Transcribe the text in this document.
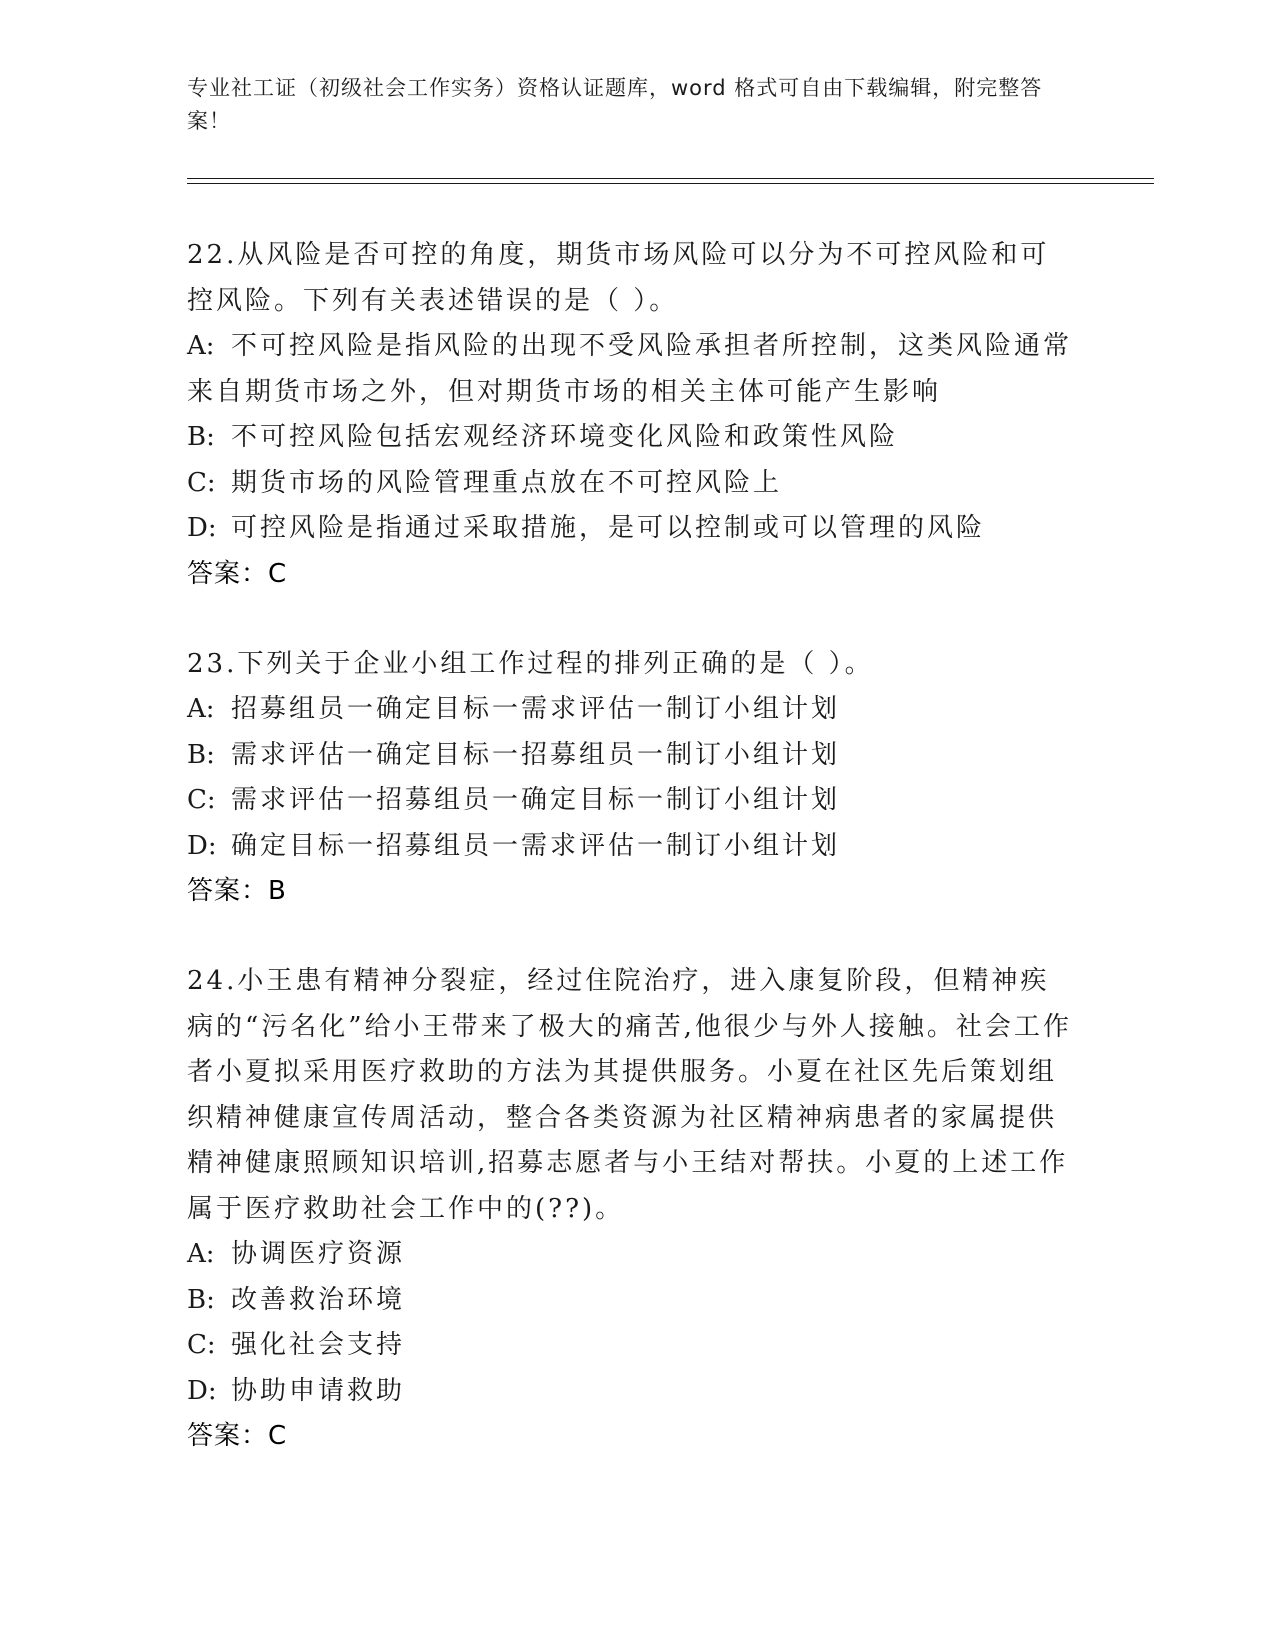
专业社工证（初级社会工作实务）资格认证题库，word 格式可自由下载编辑，附完整答案！

22.从风险是否可控的角度，期货市场风险可以分为不可控风险和可控风险。下列有关表述错误的是（ ）。

A: 不可控风险是指风险的出现不受风险承担者所控制，这类风险通常来自期货市场之外，但对期货市场的相关主体可能产生影响

B: 不可控风险包括宏观经济环境变化风险和政策性风险

C: 期货市场的风险管理重点放在不可控风险上

D: 可控风险是指通过采取措施，是可以控制或可以管理的风险

答案：C

23.下列关于企业小组工作过程的排列正确的是（ ）。

A: 招募组员一确定目标一需求评估一制订小组计划

B: 需求评估一确定目标一招募组员一制订小组计划

C: 需求评估一招募组员一确定目标一制订小组计划

D: 确定目标一招募组员一需求评估一制订小组计划

答案：B

24.小王患有精神分裂症，经过住院治疗，进入康复阶段，但精神疾病的“污名化”给小王带来了极大的痛苦,他很少与外人接触。社会工作者小夏拟采用医疗救助的方法为其提供服务。小夏在社区先后策划组织精神健康宣传周活动，整合各类资源为社区精神病患者的家属提供精神健康照顾知识培训,招募志愿者与小王结对帮扶。小夏的上述工作属于医疗救助社会工作中的(??)。

A: 协调医疗资源

B: 改善救治环境

C: 强化社会支持

D: 协助申请救助

答案：C
